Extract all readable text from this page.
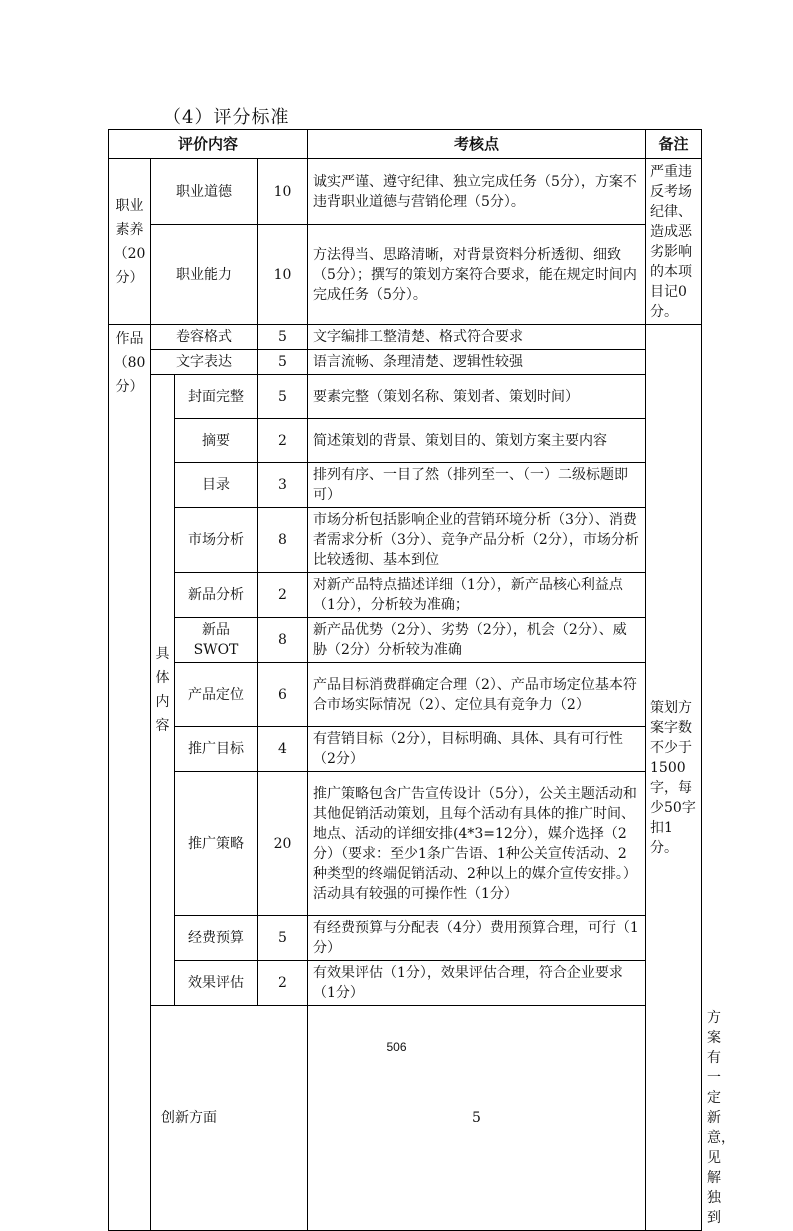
（4）评分标准
评价内容				考核点	备注	
职业素养（20分）	职业道德		10	诚实严谨、遵守纪律、独立完成任务（5分），方案不违背职业道德与营销伦理（5分）。	严重违反考场纪律、造成恶劣影响的本项目记0分。	
	职业能力		10	方法得当、思路清晰，对背景资料分析透彻、细致（5分）；撰写的策划方案符合要求，能在规定时间内完成任务（5分）。		
作品（80分）	卷容格式		5	文字编排工整清楚、格式符合要求	策划方案字数不少于1500字，每少50字扣1分。	
	文字表达		5	语言流畅、条理清楚、逻辑性较强		
	具体内容	封面完整	5	要素完整（策划名称、策划者、策划时间）		
		摘要	2	简述策划的背景、策划目的、策划方案主要内容		
		目录	3	排列有序、一目了然（排列至一、（一）二级标题即可）		
		市场分析	8	市场分析包括影响企业的营销环境分析（3分）、消费者需求分析（3分）、竞争产品分析（2分），市场分析比较透彻、基本到位		
		新品分析	2	对新产品特点描述详细（1分），新产品核心利益点（1分），分析较为准确；		
		新品SWOT	8	新产品优势（2分）、劣势（2分），机会（2分）、威胁（2分）分析较为准确		
		产品定位	6	产品目标消费群确定合理（2）、产品市场定位基本符合市场实际情况（2）、定位具有竞争力（2）		
		推广目标	4	有营销目标（2分），目标明确、具体、具有可行性（2分）		
		推广策略	20	推广策略包含广告宣传设计（5分），公关主题活动和其他促销活动策划，且每个活动有具体的推广时间、地点、活动的详细安排(4*3=12分），媒介选择（2分）（要求：至少1条广告语、1种公关宣传活动、2种类型的终端促销活动、2种以上的媒介宣传安排。）活动具有较强的可操作性（1分）		
		经费预算	5	有经费预算与分配表（4分）费用预算合理，可行（1分）		
		效果评估	2	有效果评估（1分），效果评估合理，符合企业要求（1分）		
	创新方面			5		方案有一定新意，见解独到
506
